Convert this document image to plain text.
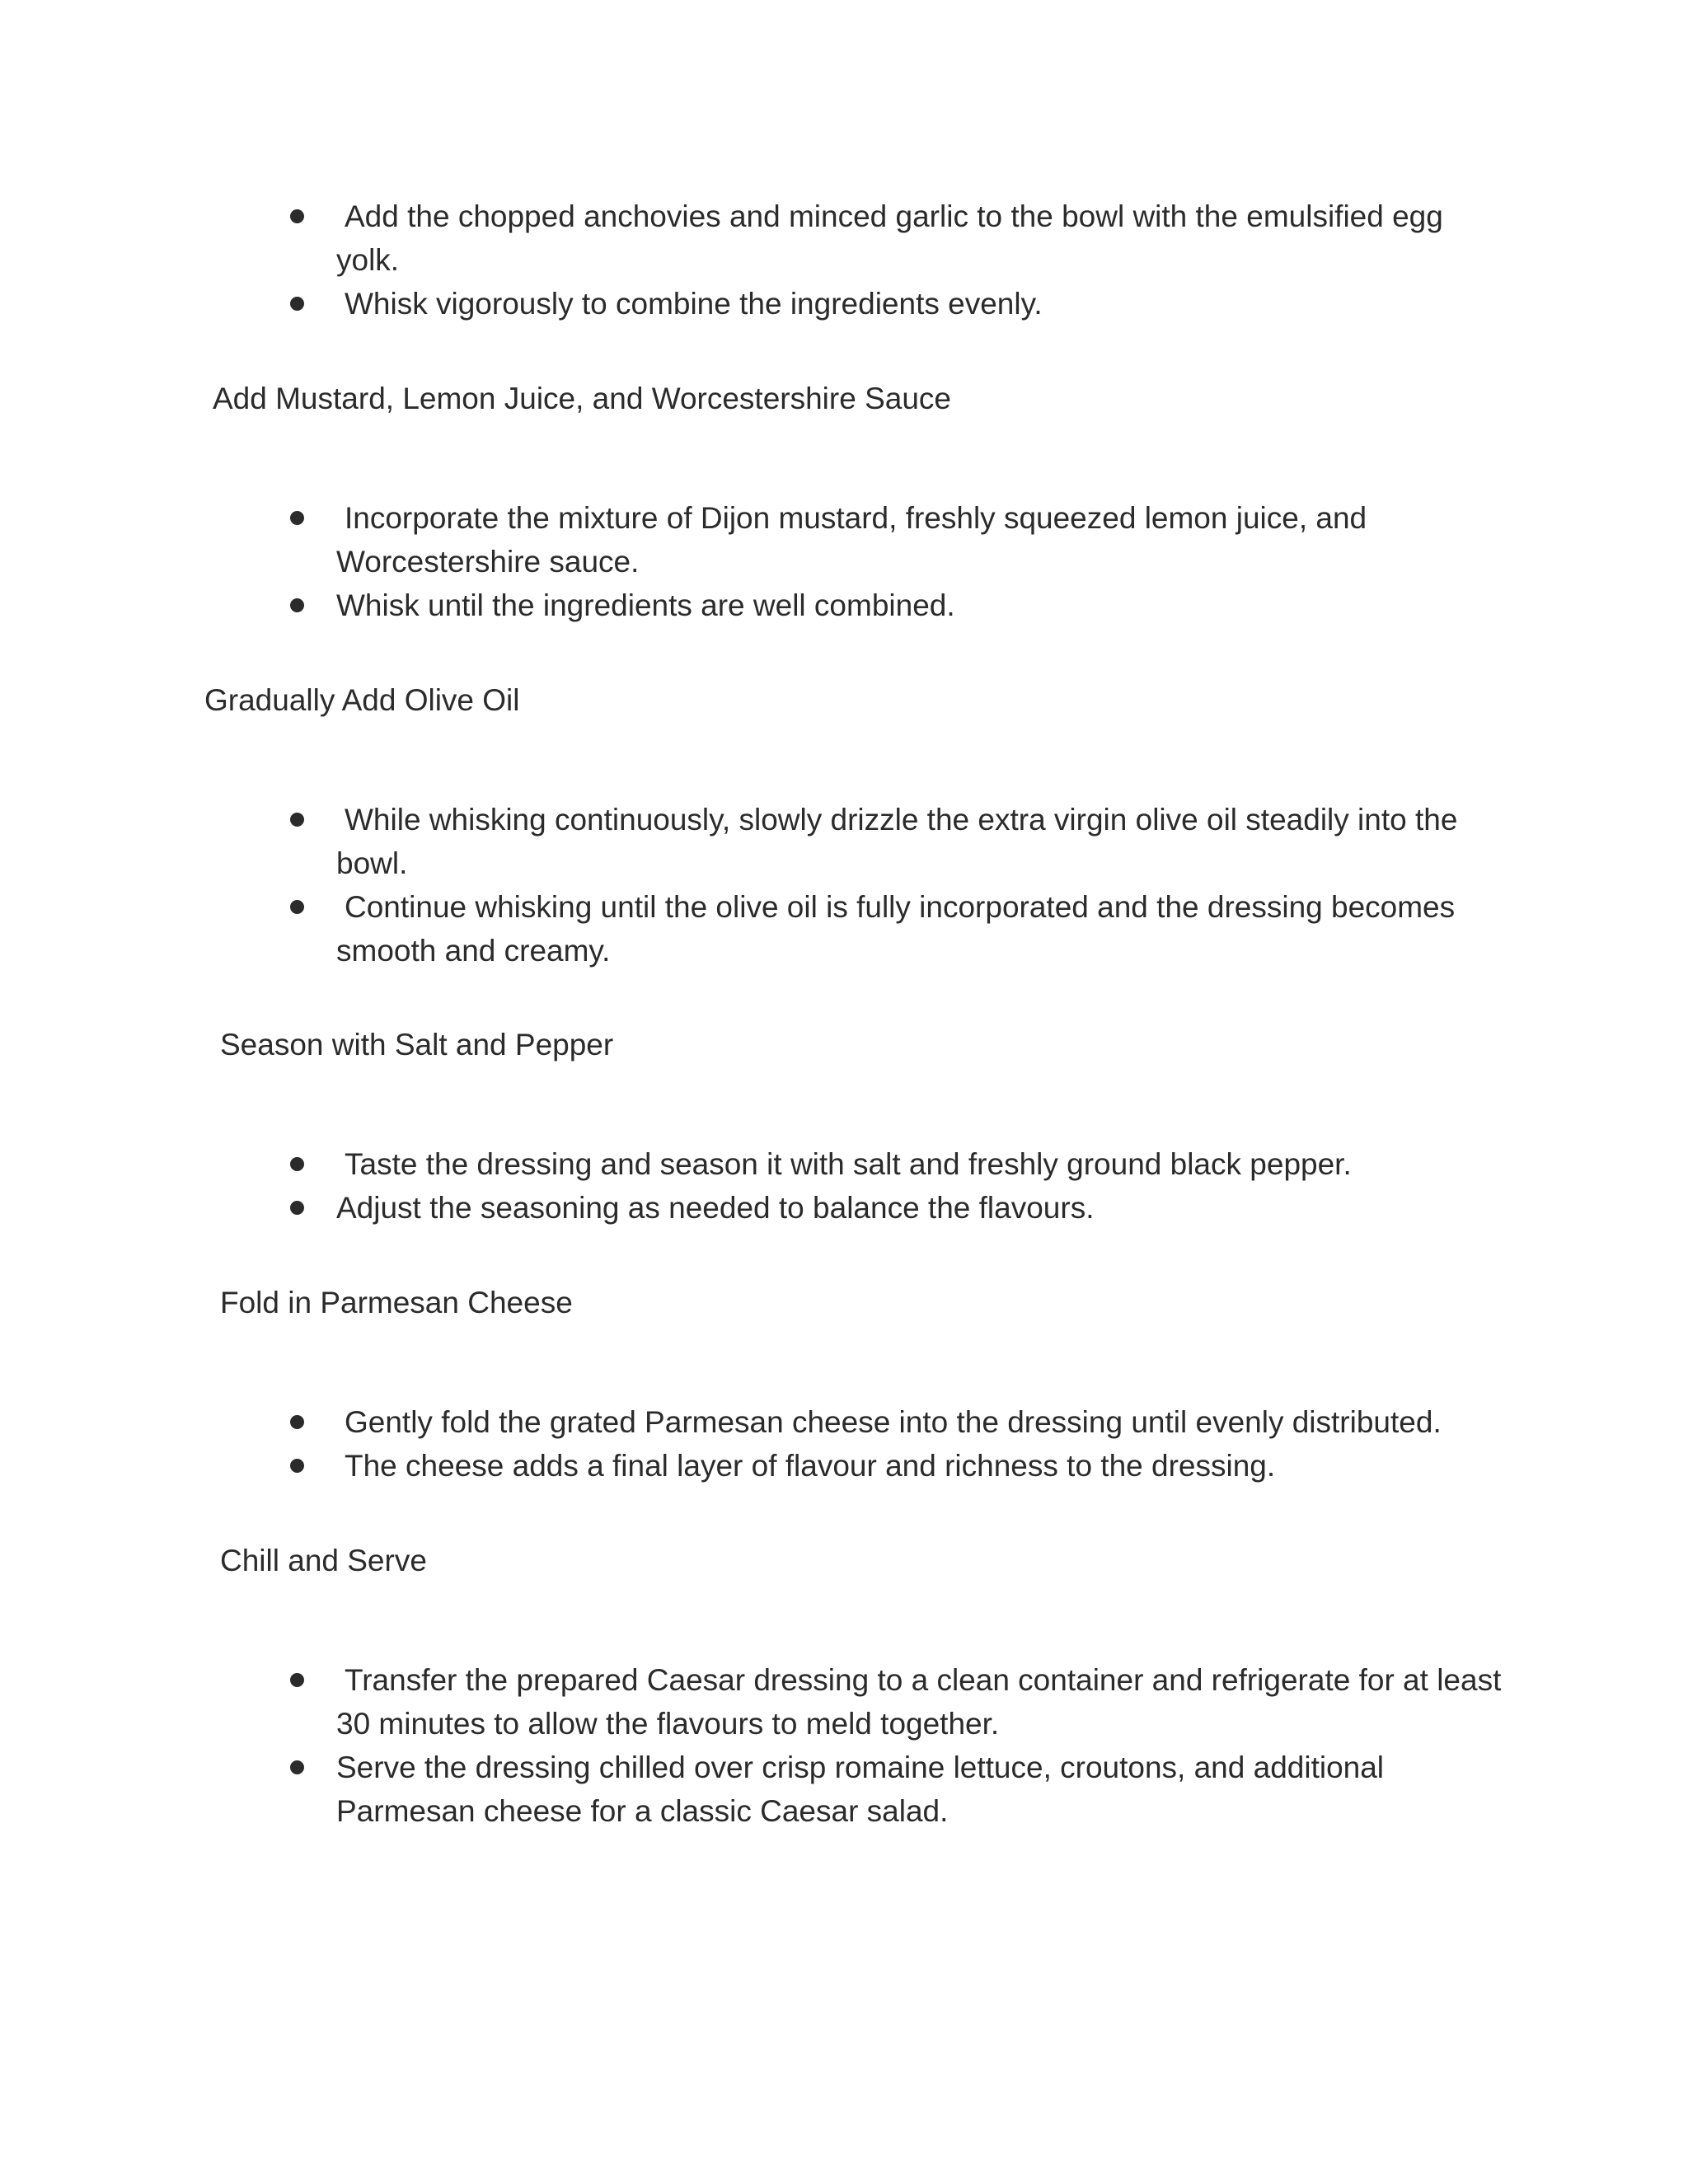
Add the chopped anchovies and minced garlic to the bowl with the emulsified egg yolk.
Whisk vigorously to combine the ingredients evenly.
Add Mustard, Lemon Juice, and Worcestershire Sauce
Incorporate the mixture of Dijon mustard, freshly squeezed lemon juice, and Worcestershire sauce.
Whisk until the ingredients are well combined.
Gradually Add Olive Oil
While whisking continuously, slowly drizzle the extra virgin olive oil steadily into the bowl.
Continue whisking until the olive oil is fully incorporated and the dressing becomes smooth and creamy.
Season with Salt and Pepper
Taste the dressing and season it with salt and freshly ground black pepper.
Adjust the seasoning as needed to balance the flavours.
Fold in Parmesan Cheese
Gently fold the grated Parmesan cheese into the dressing until evenly distributed.
The cheese adds a final layer of flavour and richness to the dressing.
Chill and Serve
Transfer the prepared Caesar dressing to a clean container and refrigerate for at least 30 minutes to allow the flavours to meld together.
Serve the dressing chilled over crisp romaine lettuce, croutons, and additional Parmesan cheese for a classic Caesar salad.
